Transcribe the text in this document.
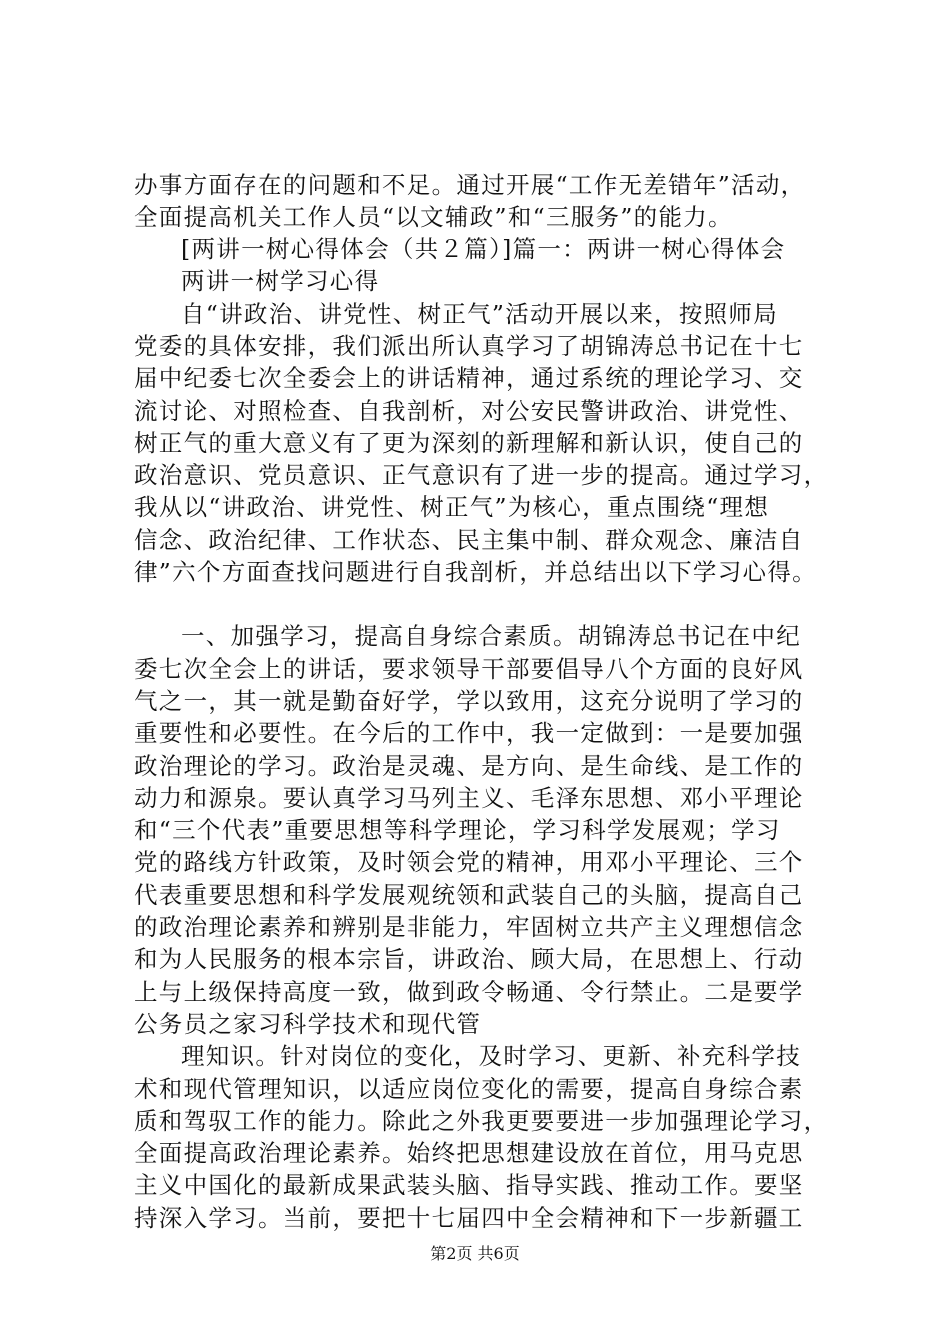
办事方面存在的问题和不足。通过开展“工作无差错年”活动，
全面提高机关工作人员“以文辅政”和“三服务”的能力。
[两讲一树心得体会（共２篇）]篇一：两讲一树心得体会
两讲一树学习心得
自“讲政治、讲党性、树正气”活动开展以来，按照师局
党委的具体安排，我们派出所认真学习了胡锦涛总书记在十七
届中纪委七次全委会上的讲话精神，通过系统的理论学习、交
流讨论、对照检查、自我剖析，对公安民警讲政治、讲党性、
树正气的重大意义有了更为深刻的新理解和新认识，使自己的
政治意识、党员意识、正气意识有了进一步的提高。通过学习，
我从以“讲政治、讲党性、树正气”为核心，重点围绕“理想
信念、政治纪律、工作状态、民主集中制、群众观念、廉洁自
律”六个方面查找问题进行自我剖析，并总结出以下学习心得。
一、加强学习，提高自身综合素质。胡锦涛总书记在中纪
委七次全会上的讲话，要求领导干部要倡导八个方面的良好风
气之一，其一就是勤奋好学，学以致用，这充分说明了学习的
重要性和必要性。在今后的工作中，我一定做到：一是要加强
政治理论的学习。政治是灵魂、是方向、是生命线、是工作的
动力和源泉。要认真学习马列主义、毛泽东思想、邓小平理论
和“三个代表”重要思想等科学理论，学习科学发展观；学习
党的路线方针政策，及时领会党的精神，用邓小平理论、三个
代表重要思想和科学发展观统领和武装自己的头脑，提高自己
的政治理论素养和辨别是非能力，牢固树立共产主义理想信念
和为人民服务的根本宗旨，讲政治、顾大局，在思想上、行动
上与上级保持高度一致，做到政令畅通、令行禁止。二是要学
公务员之家习科学技术和现代管
理知识。针对岗位的变化，及时学习、更新、补充科学技
术和现代管理知识，以适应岗位变化的需要，提高自身综合素
质和驾驭工作的能力。除此之外我更要要进一步加强理论学习，
全面提高政治理论素养。始终把思想建设放在首位，用马克思
主义中国化的最新成果武装头脑、指导实践、推动工作。要坚
持深入学习。当前，要把十七届四中全会精神和下一步新疆工
第2页 共6页
